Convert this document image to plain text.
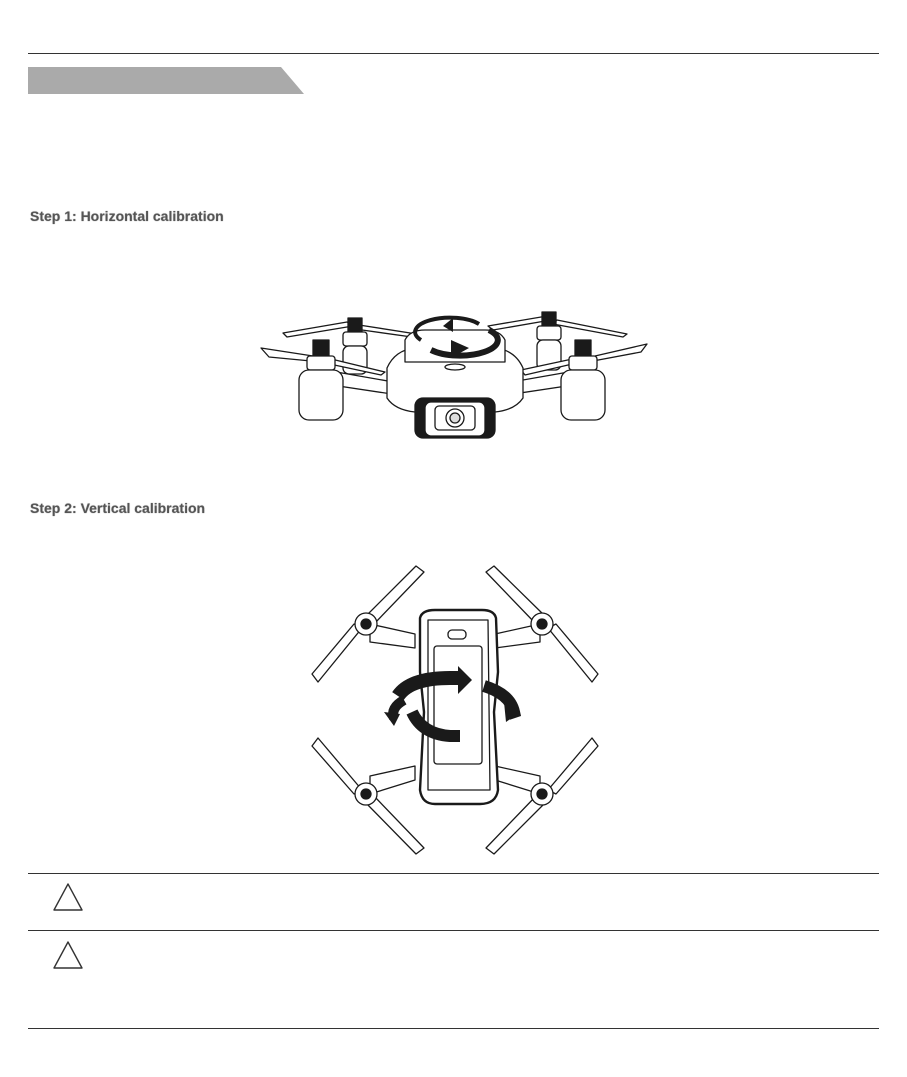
Step 1: Horizontal calibration
Step 2: Vertical calibration
